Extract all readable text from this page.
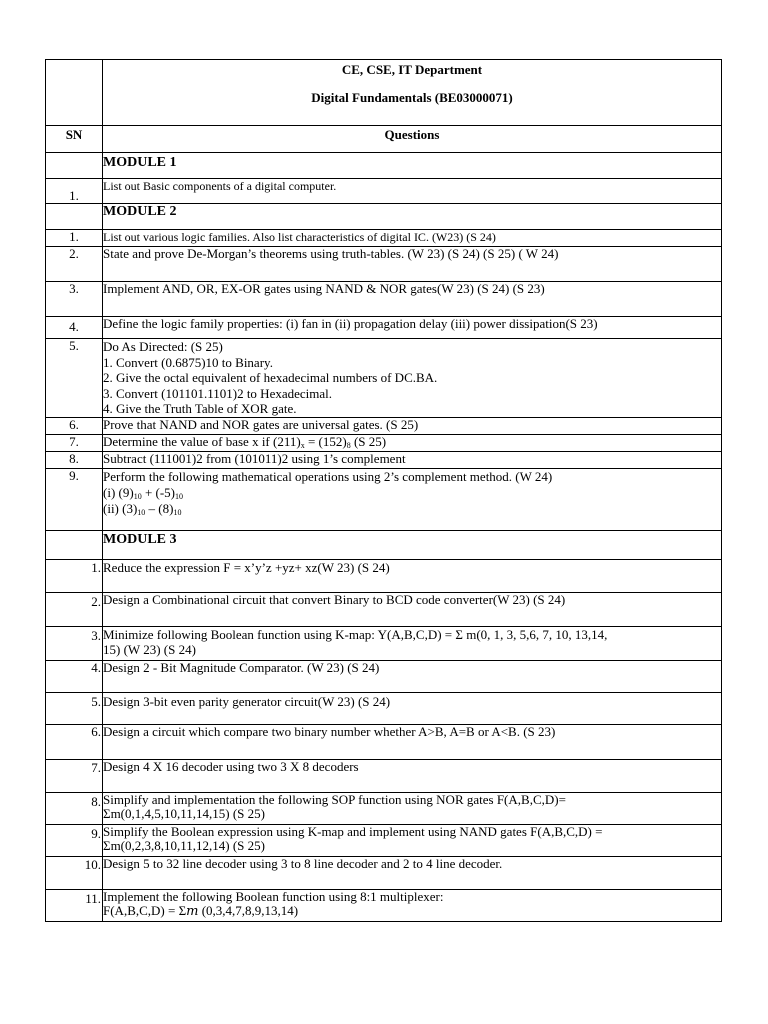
	CE, CSE, IT Department
Digital Fundamentals (BE03000071)

SN	Questions
	MODULE 1
1.	List out Basic components of a digital computer.
	MODULE 2
1.	List out various logic families. Also list characteristics of digital IC. (W23) (S 24)
2.	State and prove De-Morgan’s theorems using truth-tables. (W 23) (S 24) (S 25) ( W 24)
3.	Implement AND, OR, EX-OR gates using NAND & NOR gates(W 23) (S 24) (S 23)
4.	Define the logic family properties: (i) fan in (ii) propagation delay (iii) power dissipation(S 23)
5.	Do As Directed: (S 25)
1. Convert (0.6875)10 to Binary.
2. Give the octal equivalent of hexadecimal numbers of DC.BA.
3. Convert (101101.1101)2 to Hexadecimal.
4. Give the Truth Table of XOR gate.

6.	Prove that NAND and NOR gates are universal gates. (S 25)
7.	Determine the value of base x if $(211)_x = (152)_8$ (S 25)
8.	Subtract (111001)2 from (101011)2 using 1’s complement
9.	Perform the following mathematical operations using 2’s complement method. (W 24)
(i) $(9)_{10} + (-5)_{10}$
(ii) $(3)_{10} - (8)_{10}$

	MODULE 3
1.	Reduce the expression F = x’y’z +yz+ xz(W 23) (S 24)
2.	Design a Combinational circuit that convert Binary to BCD code converter(W 23) (S 24)
3.	Minimize following Boolean function using K-map: Y(A,B,C,D) = Σ m(0, 1, 3, 5,6, 7, 10, 13,14,
15) (W 23) (S 24)

4.	Design 2 - Bit Magnitude Comparator. (W 23) (S 24)
5.	Design 3-bit even parity generator circuit(W 23) (S 24)
6.	Design a circuit which compare two binary number whether A>B, A=B or A<B. (S 23)
7.	Design 4 X 16 decoder using two 3 X 8 decoders
8.	Simplify and implementation the following SOP function using NOR gates F(A,B,C,D)=
Σm(0,1,4,5,10,11,14,15) (S 25)

9.	Simplify the Boolean expression using K-map and implement using NAND gates F(A,B,C,D) =
Σm(0,2,3,8,10,11,12,14) (S 25)

10.	Design 5 to 32 line decoder using 3 to 8 line decoder and 2 to 4 line decoder.
11.	Implement the following Boolean function using 8:1 multiplexer:
F(A,B,C,D) = Σ𝑚 (0,3,4,7,8,9,13,14)
